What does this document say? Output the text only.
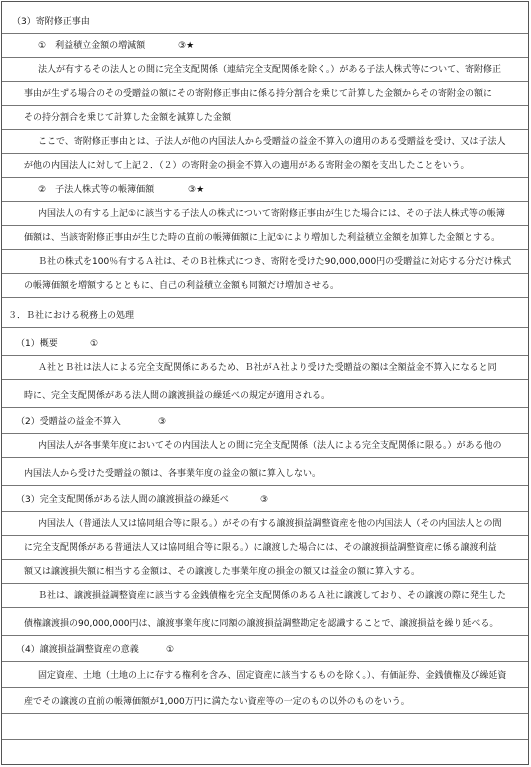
（3）寄附修正事由
①　利益積立金額の増減額	③★
法人が有するその法人との間に完全支配関係（連結完全支配関係を除く。）がある子法人株式等について、寄附修正
事由が生ずる場合のその受贈益の額にその寄附修正事由に係る持分割合を乗じて計算した金額からその寄附金の額に
その持分割合を乗じて計算した金額を減算した金額
ここで、寄附修正事由とは、子法人が他の内国法人から受贈益の益金不算入の適用のある受贈益を受け、又は子法人
が他の内国法人に対して上記２．（２）の寄附金の損金不算入の適用がある寄附金の額を支出したことをいう。
②　子法人株式等の帳簿価額	③★
内国法人の有する上記①に該当する子法人の株式について寄附修正事由が生じた場合には、その子法人株式等の帳簿
価額は、当該寄附修正事由が生じた時の直前の帳簿価額に上記①により増加した利益積立金額を加算した金額とする。
Ｂ社の株式を100％有するＡ社は、そのＢ社株式につき、寄附を受けた90,000,000円の受贈益に対応する分だけ株式
の帳簿価額を増額するとともに、自己の利益積立金額も同額だけ増加させる。
３．Ｂ社における税務上の処理
（1）概要	①
Ａ社とＢ社は法人による完全支配関係にあるため、Ｂ社がＡ社より受けた受贈益の額は全額益金不算入になると同
時に、完全支配関係がある法人間の譲渡損益の繰延べの規定が適用される。
（2）受贈益の益金不算入	③
内国法人が各事業年度においてその内国法人との間に完全支配関係（法人による完全支配関係に限る。）がある他の
内国法人から受けた受贈益の額は、各事業年度の益金の額に算入しない。
（3）完全支配関係がある法人間の譲渡損益の繰延べ	③
内国法人（普通法人又は協同組合等に限る。）がその有する譲渡損益調整資産を他の内国法人（その内国法人との間
に完全支配関係がある普通法人又は協同組合等に限る。）に譲渡した場合には、その譲渡損益調整資産に係る譲渡利益
額又は譲渡損失額に相当する金額は、その譲渡した事業年度の損金の額又は益金の額に算入する。
Ｂ社は、譲渡損益調整資産に該当する金銭債権を完全支配関係のあるＡ社に譲渡しており、その譲渡の際に発生した
債権譲渡損の90,000,000円は、譲渡事業年度に同額の譲渡損益調整勘定を認識することで、譲渡損益を繰り延べる。
（4）譲渡損益調整資産の意義	①
固定資産、土地（土地の上に存する権利を含み、固定資産に該当するものを除く。）、有価証券、金銭債権及び繰延資
産でその譲渡の直前の帳簿価額が1,000万円に満たない資産等の一定のもの以外のものをいう。
